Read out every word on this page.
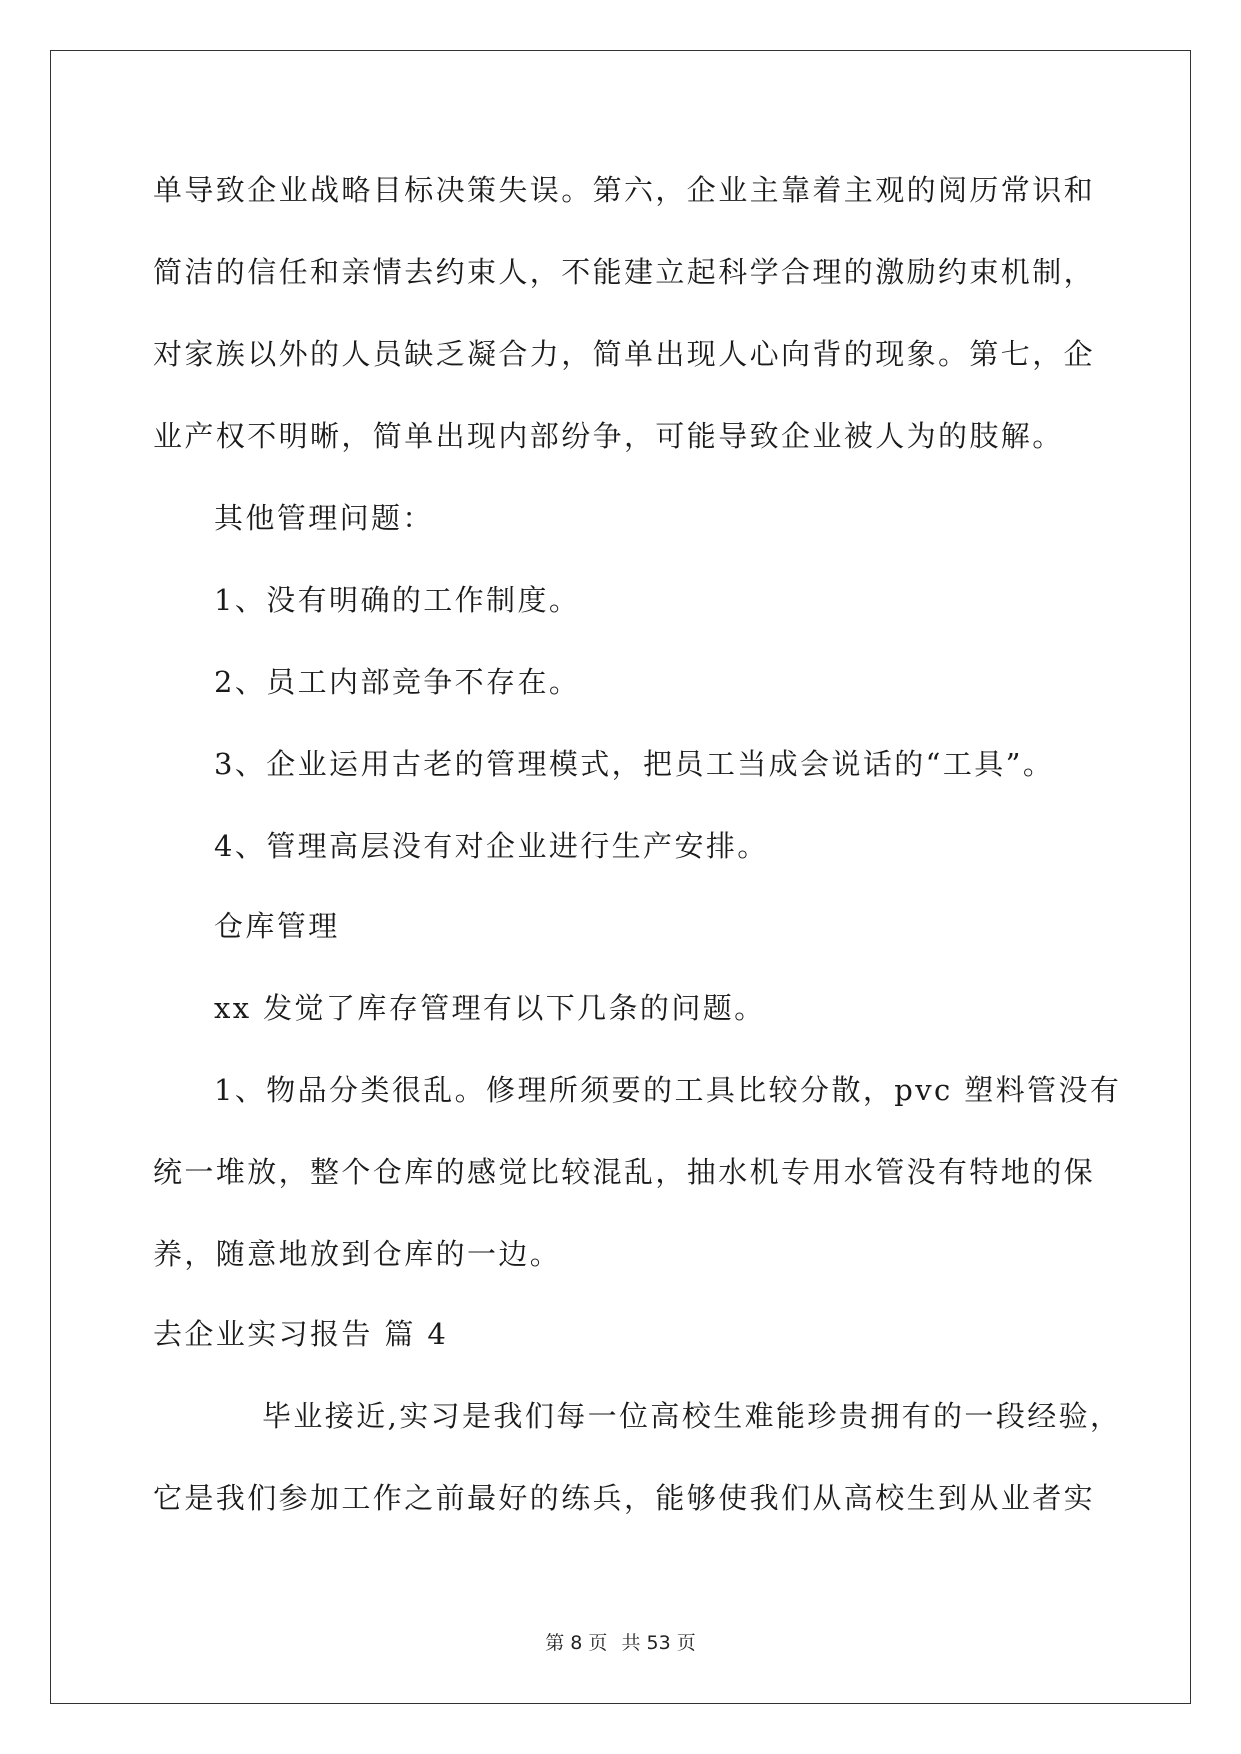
单导致企业战略目标决策失误。第六，企业主靠着主观的阅历常识和
简洁的信任和亲情去约束人，不能建立起科学合理的激励约束机制，
对家族以外的人员缺乏凝合力，简单出现人心向背的现象。第七，企
业产权不明晰，简单出现内部纷争，可能导致企业被人为的肢解。
其他管理问题：
1、没有明确的工作制度。
2、员工内部竞争不存在。
3、企业运用古老的管理模式，把员工当成会说话的“工具”。
4、管理高层没有对企业进行生产安排。
仓库管理
xx 发觉了库存管理有以下几条的问题。
1、物品分类很乱。修理所须要的工具比较分散，pvc 塑料管没有
统一堆放，整个仓库的感觉比较混乱，抽水机专用水管没有特地的保
养，随意地放到仓库的一边。
去企业实习报告 篇 4
毕业接近,实习是我们每一位高校生难能珍贵拥有的一段经验，
它是我们参加工作之前最好的练兵，能够使我们从高校生到从业者实
第 8 页 共 53 页
